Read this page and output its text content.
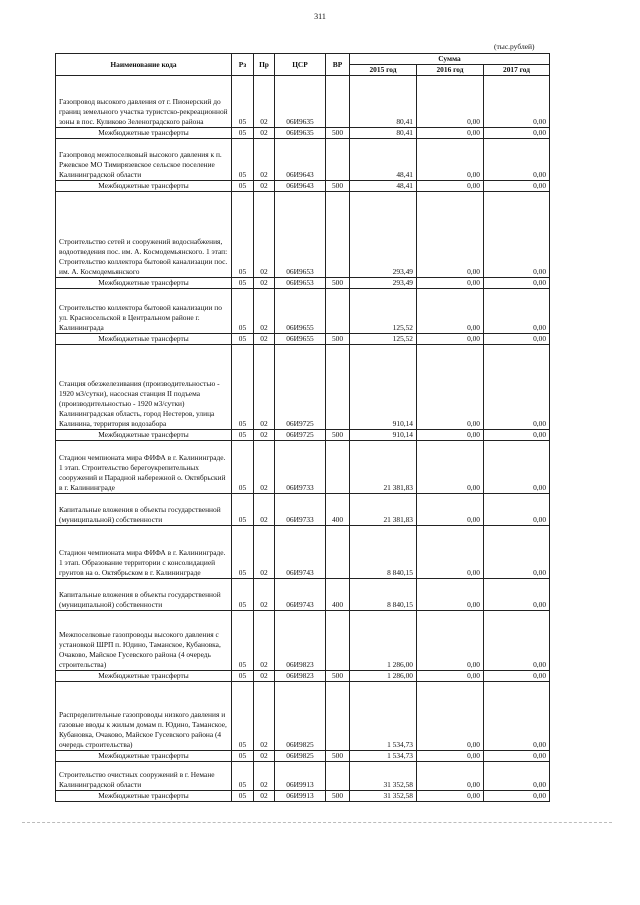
311
(тыс.рублей)
Наименование кода	Рз	Пр	ЦСР	ВР	Сумма		
					2015 год	2016 год	2017 год
Газопровод высокого давления от г. Пионерский до границ земельного участка туристско-рекреационной зоны в пос. Куликово Зеленоградского района	05	02	06И9635		80,41	0,00	0,00
Межбюджетные трансферты	05	02	06И9635	500	80,41	0,00	0,00
Газопровод межпоселковый высокого давления к п. Ржевское МО Тимирязевское сельское поселение Калининградской области	05	02	06И9643		48,41	0,00	0,00
Межбюджетные трансферты	05	02	06И9643	500	48,41	0,00	0,00
Строительство сетей и сооружений водоснабжения, водоотведения пос. им. А. Космодемьянского. 1 этап: Строительство коллектора бытовой канализации пос. им. А. Космодемьянского	05	02	06И9653		293,49	0,00	0,00
Межбюджетные трансферты	05	02	06И9653	500	293,49	0,00	0,00
Строительство коллектора бытовой канализации по ул. Красносельской в Центральном районе г. Калининграда	05	02	06И9655		125,52	0,00	0,00
Межбюджетные трансферты	05	02	06И9655	500	125,52	0,00	0,00
Станция обезжелезивания (производительностью - 1920 м3/сутки), насосная станция II подъема (производительностью - 1920 м3/сутки) Калининградская область, город Нестеров, улица Калинина, территория водозабора	05	02	06И9725		910,14	0,00	0,00
Межбюджетные трансферты	05	02	06И9725	500	910,14	0,00	0,00
Стадион чемпионата мира ФИФА в г. Калининграде. 1 этап. Строительство берегоукрепительных сооружений и Парадной набережной о. Октябрьский в г. Калининграде	05	02	06И9733		21 381,83	0,00	0,00
Капитальные вложения в объекты государственной (муниципальной) собственности	05	02	06И9733	400	21 381,83	0,00	0,00
Стадион чемпионата мира ФИФА в г. Калининграде. 1 этап. Образование территории с консолидацией грунтов на о. Октябрьском в г. Калининграде	05	02	06И9743		8 840,15	0,00	0,00
Капитальные вложения в объекты государственной (муниципальной) собственности	05	02	06И9743	400	8 840,15	0,00	0,00
Межпоселковые газопроводы высокого давления с установкой ШРП п. Юдино, Таманское, Кубановка, Очаково, Майское Гусевского района (4 очередь строительства)	05	02	06И9823		1 286,00	0,00	0,00
Межбюджетные трансферты	05	02	06И9823	500	1 286,00	0,00	0,00
Распределительные газопроводы низкого давления и газовые вводы к жилым домам п. Юдино, Таманское, Кубановка, Очаково, Майское Гусевского района (4 очередь строительства)	05	02	06И9825		1 534,73	0,00	0,00
Межбюджетные трансферты	05	02	06И9825	500	1 534,73	0,00	0,00
Строительство очистных сооружений в г. Немане Калининградской области	05	02	06И9913		31 352,58	0,00	0,00
Межбюджетные трансферты	05	02	06И9913	500	31 352,58	0,00	0,00
